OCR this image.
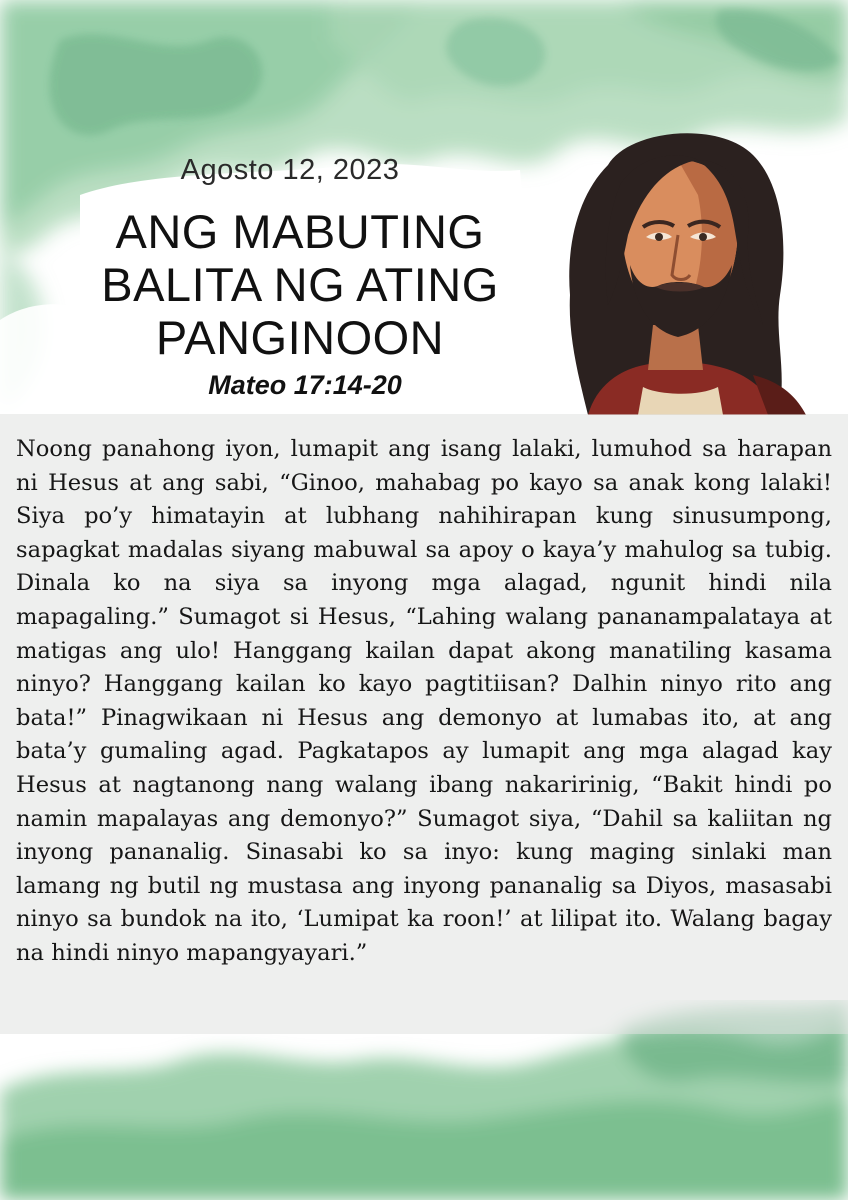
Agosto 12, 2023
ANG MABUTING
BALITA NG ATING
PANGINOON
Mateo 17:14-20
Noong panahong iyon, lumapit ang isang lalaki, lumuhod sa harapan ni Hesus at ang sabi, “Ginoo, mahabag po kayo sa anak kong lalaki! Siya po’y himatayin at lubhang nahihirapan kung sinusumpong, sapagkat madalas siyang mabuwal sa apoy o kaya’y mahulog sa tubig. Dinala ko na siya sa inyong mga alagad, ngunit hindi nila mapagaling.” Sumagot si Hesus, “Lahing walang pananampalataya at matigas ang ulo! Hanggang kailan dapat akong manatiling kasama ninyo? Hanggang kailan ko kayo pagtitiisan? Dalhin ninyo rito ang bata!” Pinagwikaan ni Hesus ang demonyo at lumabas ito, at ang bata’y gumaling agad. Pagkatapos ay lumapit ang mga alagad kay Hesus at nagtanong nang walang ibang nakaririnig, “Bakit hindi po namin mapalayas ang demonyo?” Sumagot siya, “Dahil sa kaliitan ng inyong pananalig. Sinasabi ko sa inyo: kung maging sinlaki man lamang ng butil ng mustasa ang inyong pananalig sa Diyos, masasabi ninyo sa bundok na ito, ‘Lumipat ka roon!’ at lilipat ito. Walang bagay na hindi ninyo mapangyayari.”
